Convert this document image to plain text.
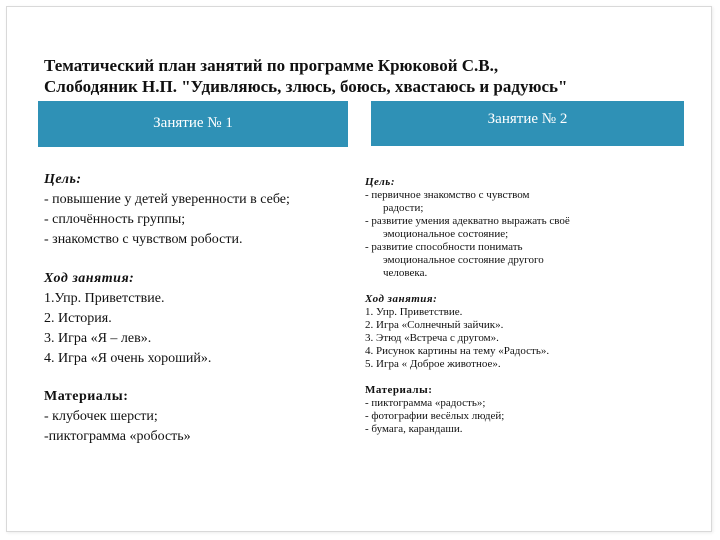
Тематический план занятий по программе Крюковой С.В.,
Слободяник Н.П. "Удивляюсь, злюсь, боюсь, хвастаюсь и радуюсь"
Занятие № 1	Занятие № 2
Цель:
- повышение у детей уверенности в себе;
- сплочённость группы;
- знакомство с чувством робости.
Ход занятия:
1.Упр. Приветствие.
2. История.
3. Игра «Я – лев».
4. Игра «Я очень хороший».
Материалы:
- клубочек шерсти;
-пиктограмма «робость»
Цель:
- первичное знакомство с чувством
радости;
- развитие умения адекватно выражать своё
эмоциональное состояние;
- развитие способности понимать
эмоциональное состояние другого
человека.
Ход занятия:
1. Упр. Приветствие.
2. Игра «Солнечный зайчик».
3. Этюд «Встреча с другом».
4. Рисунок картины на тему «Радость».
5. Игра « Доброе животное».
Материалы:
- пиктограмма «радость»;
- фотографии весёлых людей;
- бумага, карандаши.
